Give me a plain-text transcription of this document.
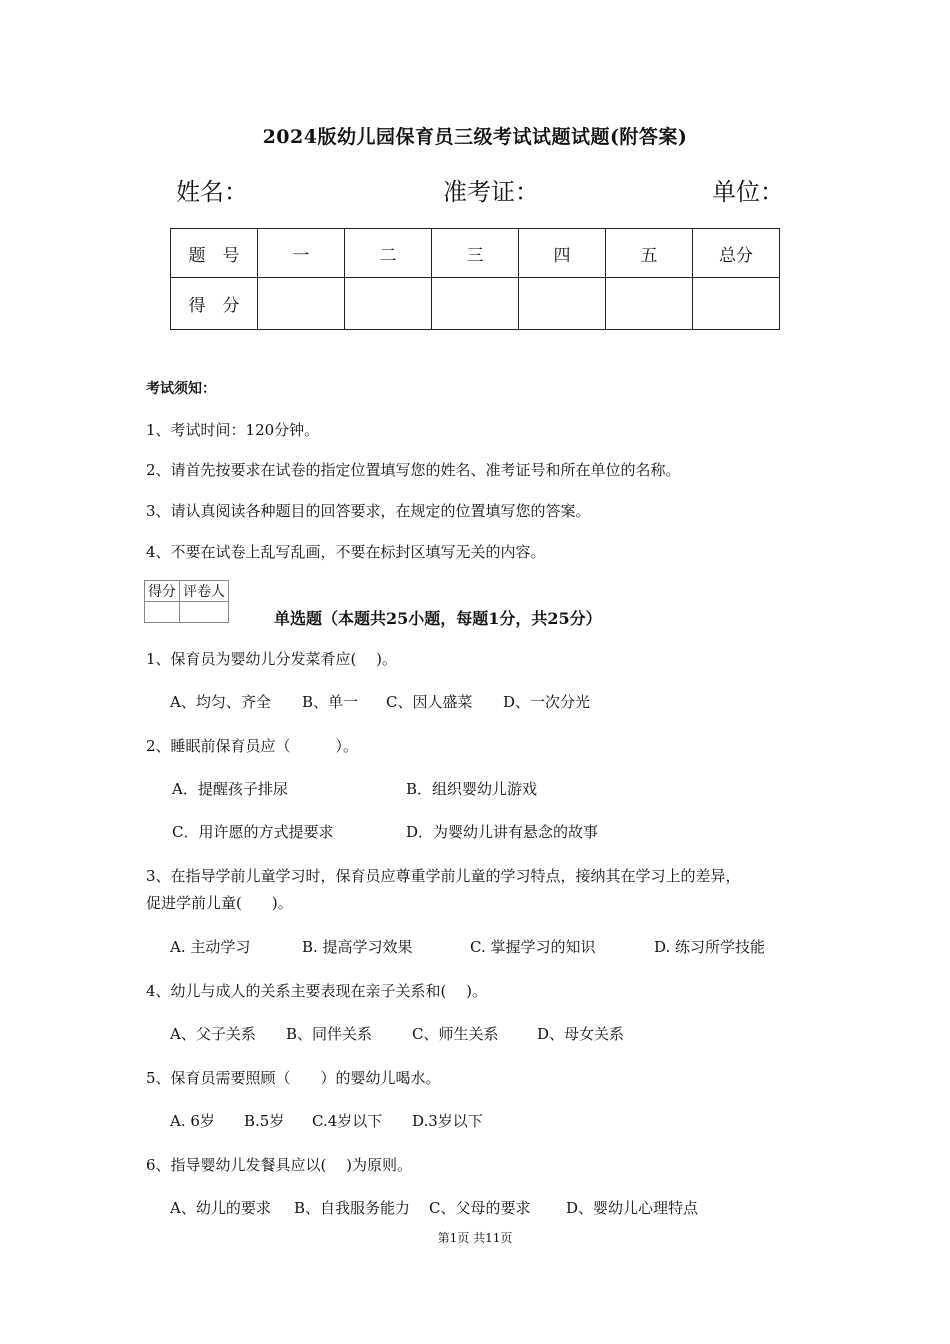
2024版幼儿园保育员三级考试试题试题(附答案)
姓名：	准考证：	单位：
题　号	一	二	三	四	五	总分
得　分						
考试须知：
1、考试时间：120分钟。
2、请首先按要求在试卷的指定位置填写您的姓名、准考证号和所在单位的名称。
3、请认真阅读各种题目的回答要求，在规定的位置填写您的答案。
4、不要在试卷上乱写乱画，不要在标封区填写无关的内容。
得分	评卷人

单选题（本题共25小题，每题1分，共25分）
1、保育员为婴幼儿分发菜肴应(　 )。
A、均匀、齐全 B、单一 C、因人盛菜 D、一次分光
2、睡眠前保育员应（　　　）。
A．提醒孩子排尿	B．组织婴幼儿游戏
C．用许愿的方式提要求	D．为婴幼儿讲有悬念的故事
3、在指导学前儿童学习时，保育员应尊重学前儿童的学习特点，接纳其在学习上的差异，
促进学前儿童(　　)。
A. 主动学习	B. 提高学习效果	C. 掌握学习的知识	D. 练习所学技能
4、幼儿与成人的关系主要表现在亲子关系和(　 )。
A、父子关系 B、同伴关系	C、师生关系	D、母女关系
5、保育员需要照顾（　　）的婴幼儿喝水。
A. 6岁 B.5岁 C.4岁以下 D.3岁以下
6、指导婴幼儿发餐具应以(　 )为原则。
A、幼儿的要求 B、自我服务能力 C、父母的要求 D、婴幼儿心理特点
第1页 共11页
